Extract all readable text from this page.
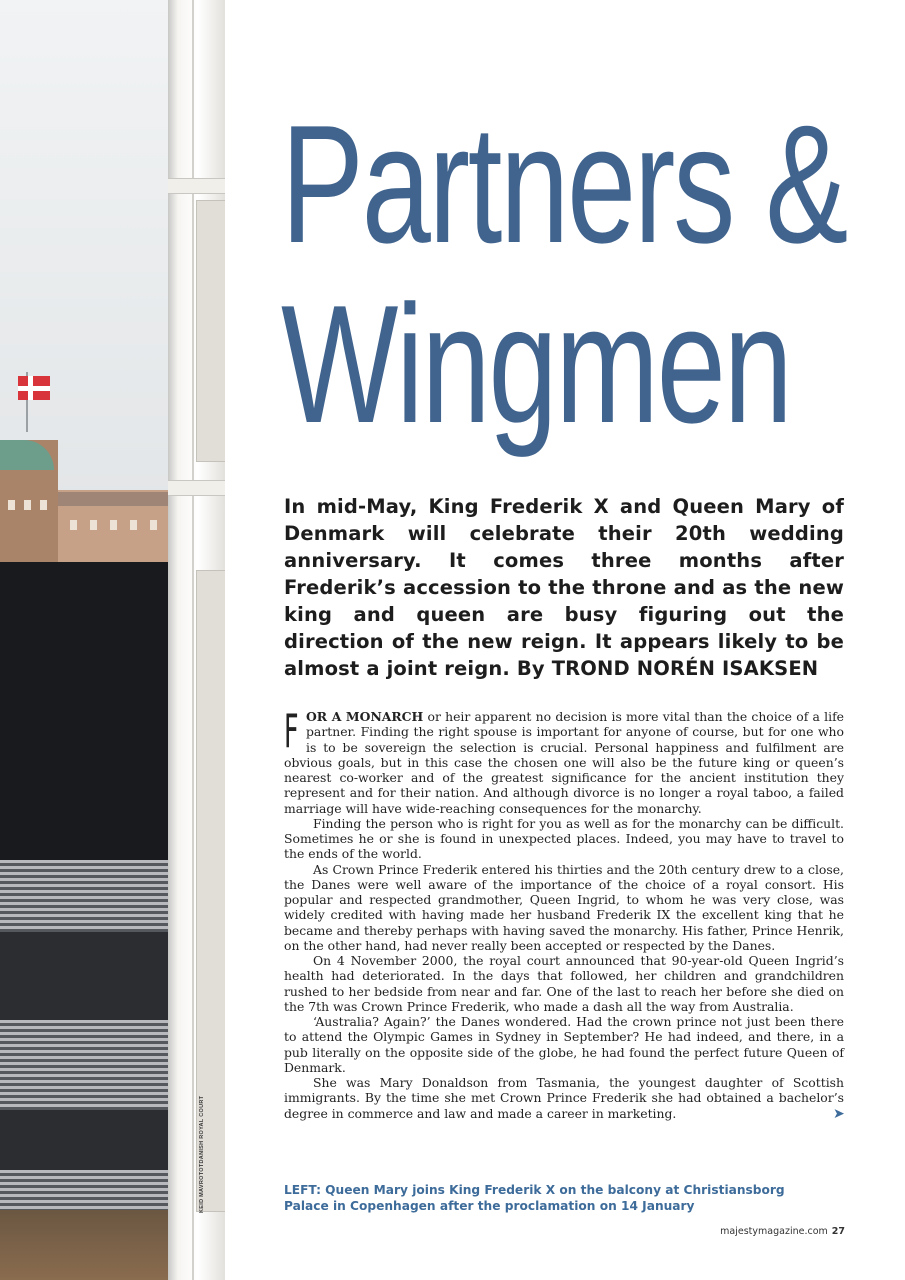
KEID MAVROTOTDANISH ROYAL COURT
Partners &
Wingmen

In mid-May, King Frederik X and Queen Mary of Denmark will celebrate their 20th wedding anniversary. It comes three months after Frederik’s accession to the throne and as the new king and queen are busy figuring out the direction of the new reign. It appears likely to be almost a joint reign. By TROND NORÉN ISAKSEN

FOR A MONARCH or heir apparent no decision is more vital than the choice of a life partner. Finding the right spouse is important for anyone of course, but for one who is to be sovereign the selection is crucial. Personal happiness and fulfilment are obvious goals, but in this case the chosen one will also be the future king or queen’s nearest co-worker and of the greatest significance for the ancient institution they represent and for their nation. And although divorce is no longer a royal taboo, a failed marriage will have wide-reaching consequences for the monarchy.

Finding the person who is right for you as well as for the monarchy can be difficult. Sometimes he or she is found in unexpected places. Indeed, you may have to travel to the ends of the world.

As Crown Prince Frederik entered his thirties and the 20th century drew to a close, the Danes were well aware of the importance of the choice of a royal consort. His popular and respected grandmother, Queen Ingrid, to whom he was very close, was widely credited with having made her husband Frederik IX the excellent king that he became and thereby perhaps with having saved the monarchy. His father, Prince Henrik, on the other hand, had never really been accepted or respected by the Danes.

On 4 November 2000, the royal court announced that 90-year-old Queen Ingrid’s health had deteriorated. In the days that followed, her children and grandchildren rushed to her bedside from near and far. One of the last to reach her before she died on the 7th was Crown Prince Frederik, who made a dash all the way from Australia.

‘Australia? Again?’ the Danes wondered. Had the crown prince not just been there to attend the Olympic Games in Sydney in September? He had indeed, and there, in a pub literally on the opposite side of the globe, he had found the perfect future Queen of Denmark.

She was Mary Donaldson from Tasmania, the youngest daughter of Scottish immigrants. By the time she met Crown Prince Frederik she had obtained a bachelor’s degree in commerce and law and made a career in marketing.	➤
LEFT: Queen Mary joins King Frederik X on the balcony at Christiansborg Palace in Copenhagen after the proclamation on 14 January
majestymagazine.com 27
